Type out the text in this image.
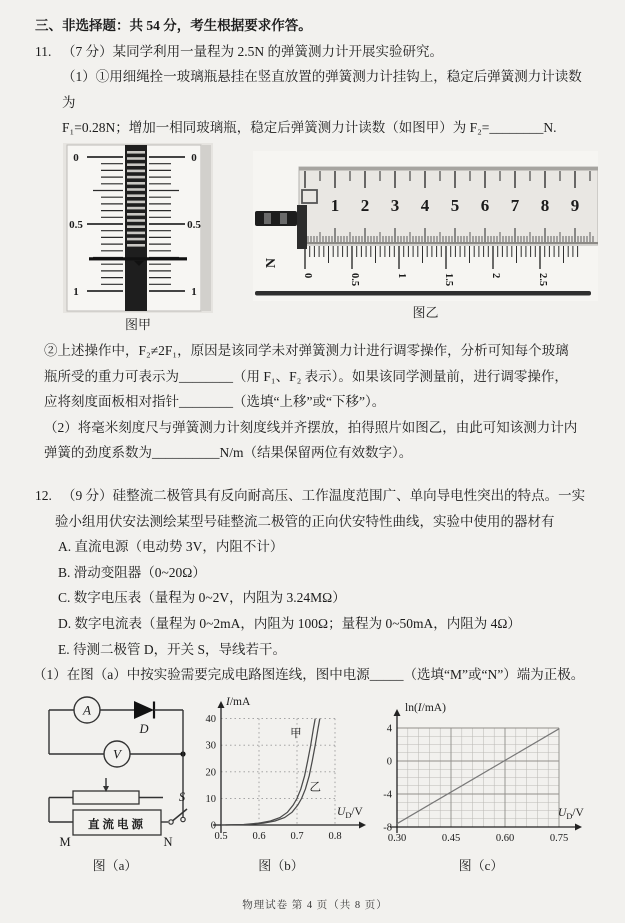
三、非选择题：共 54 分，考生根据要求作答。
11. （7 分）某同学利用一量程为 2.5N 的弹簧测力计开展实验研究。
（1）①用细绳拴一玻璃瓶悬挂在竖直放置的弹簧测力计挂钩上，稳定后弹簧测力计读数为
F₁=0.28N；增加一相同玻璃瓶，稳定后弹簧测力计读数（如图甲）为 F₂=________N.
0	0
0.5	0.5
1	1
图甲
1 2 3 4 5 6 7 8 9
0	0.5	1	1.5	2	2.5
N
图乙
②上述操作中，F₂≠2F₁，原因是该同学未对弹簧测力计进行调零操作，分析可知每个玻璃
瓶所受的重力可表示为________（用 F₁、F₂ 表示）。如果该同学测量前，进行调零操作，
应将刻度面板相对指针________（选填“上移”或“下移”）。
（2）将毫米刻度尺与弹簧测力计刻度线并齐摆放，拍得照片如图乙，由此可知该测力计内
弹簧的劲度系数为__________N/m（结果保留两位有效数字）。
12. （9 分）硅整流二极管具有反向耐高压、工作温度范围广、单向导电性突出的特点。一实
验小组用伏安法测绘某型号硅整流二极管的正向伏安特性曲线，实验中使用的器材有
A. 直流电源（电动势 3V，内阻不计）
B. 滑动变阻器（0~20Ω）
C. 数字电压表（量程为 0~2V，内阻为 3.24MΩ）
D. 数字电流表（量程为 0~2mA，内阻为 100Ω；量程为 0~50mA，内阻为 4Ω）
E. 待测二极管 D，开关 S，导线若干。
（1）在图（a）中按实验需要完成电路图连线，图中电源_____（选填“M”或“N”）端为正极。
A
D
V
直流电源
S
M	N
图（a）
0
10
20
30
40
0.5 0.6 0.7 0.8
I/mA
$U_D/V$
甲
乙
图（b）
4
0
-4
-8
0.30	0.45	0.60	0.75
ln(I/mA)
$U_D/V$
图（c）
物理试卷 第 4 页（共 8 页）
